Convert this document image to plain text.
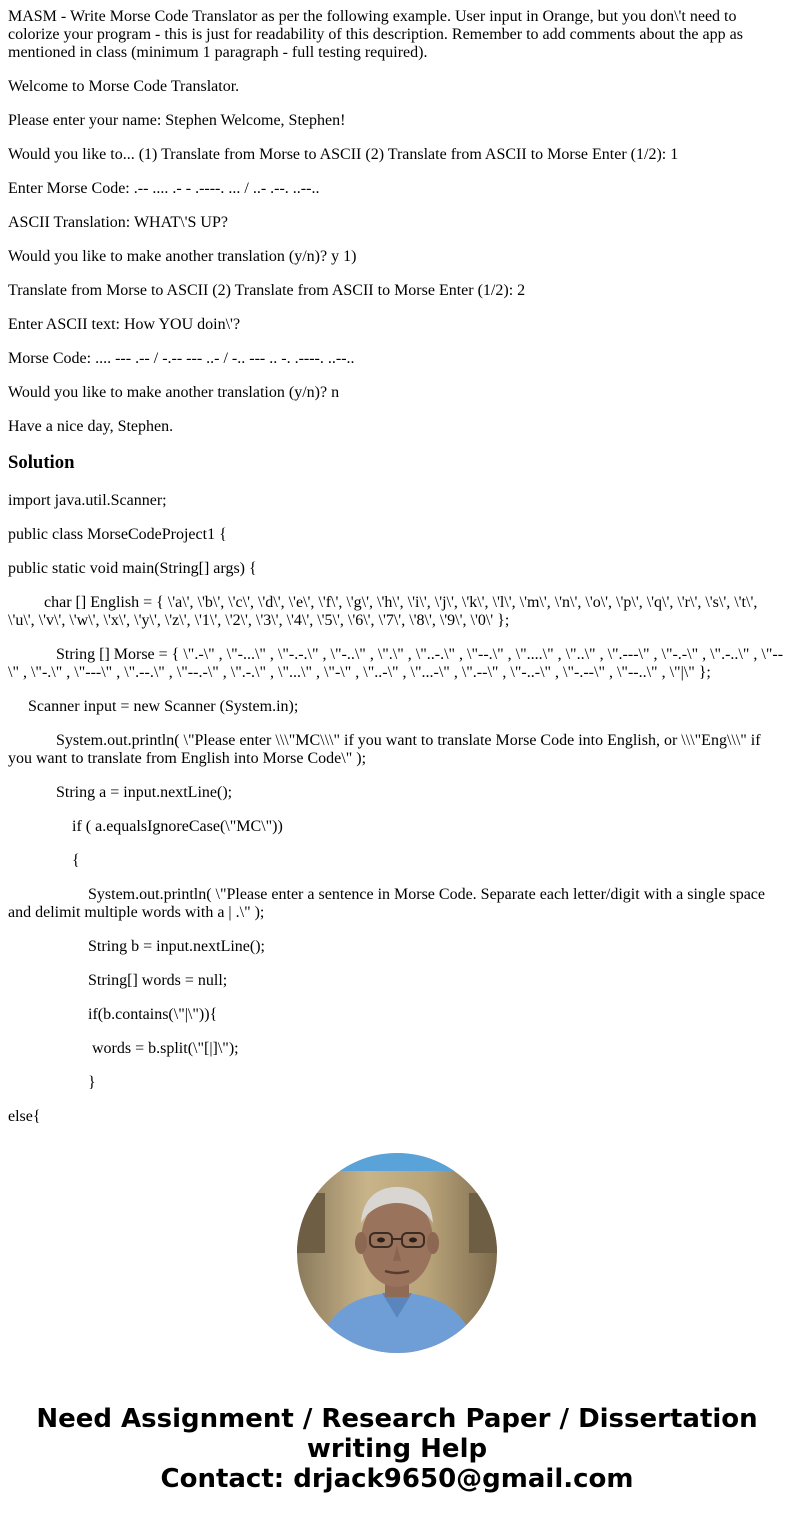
MASM - Write Morse Code Translator as per the following example. User input in Orange, but you don\'t need to colorize your program - this is just for readability of this description. Remember to add comments about the app as mentioned in class (minimum 1 paragraph - full testing required).

Welcome to Morse Code Translator.

Please enter your name: Stephen Welcome, Stephen!

Would you like to... (1) Translate from Morse to ASCII (2) Translate from ASCII to Morse Enter (1/2): 1

Enter Morse Code: .-- .... .- - .----. ... / ..- .--. ..--..

ASCII Translation: WHAT\'S UP?

Would you like to make another translation (y/n)? y 1)

Translate from Morse to ASCII (2) Translate from ASCII to Morse Enter (1/2): 2

Enter ASCII text: How YOU doin\'?

Morse Code: .... --- .-- / -.-- --- ..- / -.. --- .. -. .----. ..--..

Would you like to make another translation (y/n)? n

Have a nice day, Stephen.

Solution

import java.util.Scanner;

public class MorseCodeProject1 {

public static void main(String[] args) {

char [] English = { \'a\', \'b\', \'c\', \'d\', \'e\', \'f\', \'g\', \'h\', \'i\', \'j\', \'k\', \'l\', \'m\', \'n\', \'o\', \'p\', \'q\', \'r\', \'s\', \'t\', \'u\', \'v\', \'w\', \'x\', \'y\', \'z\', \'1\', \'2\', \'3\', \'4\', \'5\', \'6\', \'7\', \'8\', \'9\', \'0\' };

String [] Morse = { \".-\" , \"-...\" , \"-.-.\" , \"-..\" , \".\" , \"..-.\" , \"--.\" , \"....\" , \"..\" , \".---\" , \"-.-\" , \".-..\" , \"--\" , \"-.\" , \"---\" , \".--.\" , \"--.-\" , \".-.\" , \"...\" , \"-\" , \"..-\" , \"...-\" , \".--\" , \"-..-\" , \"-.--\" , \"--..\" , \"|\" };

Scanner input = new Scanner (System.in);

System.out.println( \"Please enter \\\"MC\\\" if you want to translate Morse Code into English, or \\\"Eng\\\" if you want to translate from English into Morse Code\" );

String a = input.nextLine();

if ( a.equalsIgnoreCase(\"MC\"))

{

System.out.println( \"Please enter a sentence in Morse Code. Separate each letter/digit with a single space and delimit multiple words with a | .\" );

String b = input.nextLine();

String[] words = null;

if(b.contains(\"|\")){

words = b.split(\"[|]\");

}

else{

Need Assignment / Research Paper / Dissertation
writing Help
Contact: drjack9650@gmail.com
